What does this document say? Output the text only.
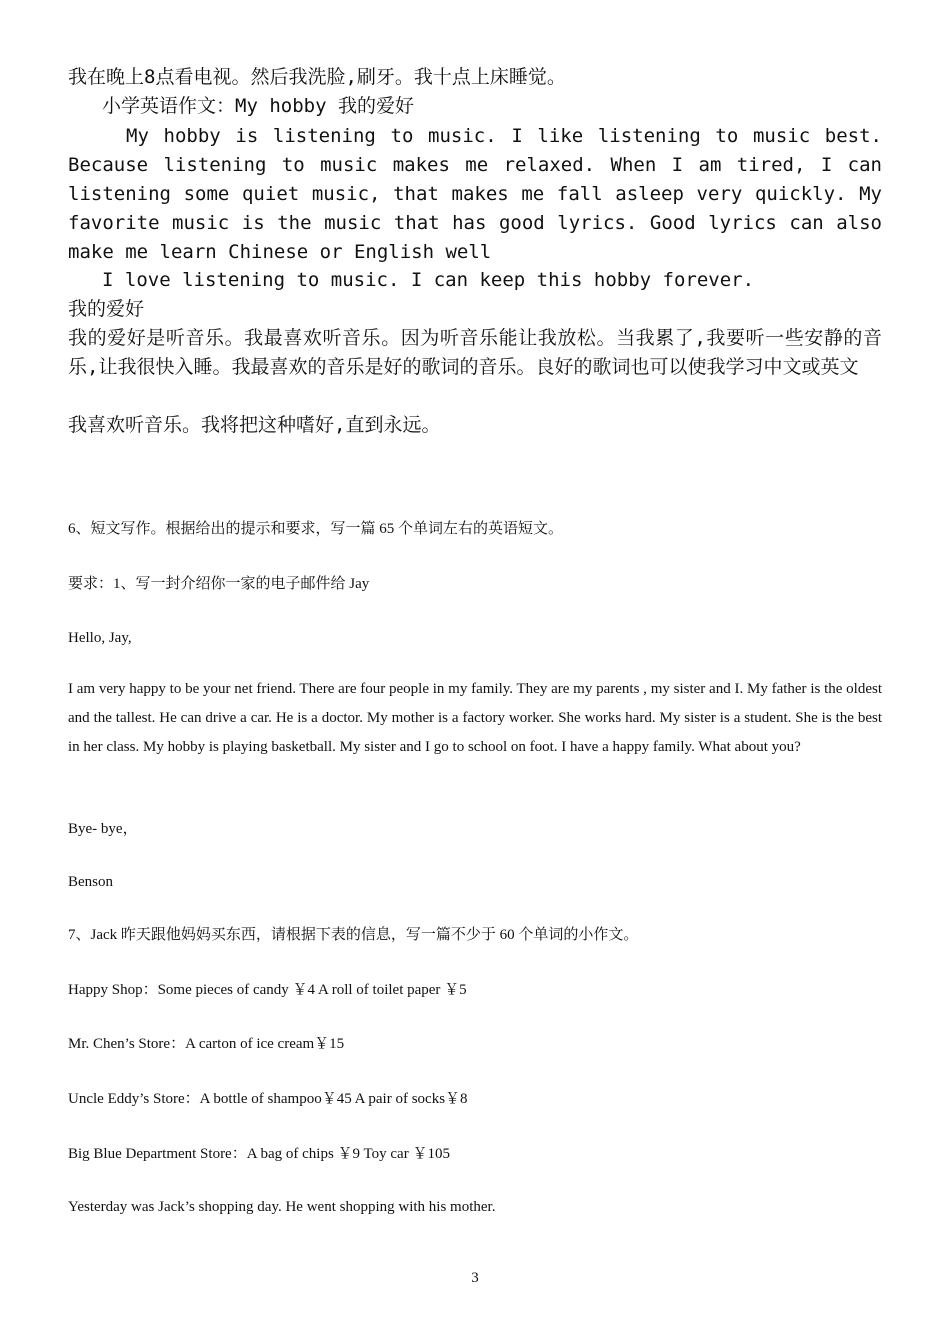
我在晚上8点看电视。然后我洗脸,刷牙。我十点上床睡觉。
小学英语作文：My hobby 我的爱好
My hobby is listening to music. I like listening to music best. Because listening to music makes me relaxed. When I am tired, I can listening some quiet music, that makes me fall asleep very quickly. My favorite music is the music that has good lyrics. Good lyrics can also make me learn Chinese or English well
I love listening to music. I can keep this hobby forever.
我的爱好
我的爱好是听音乐。我最喜欢听音乐。因为听音乐能让我放松。当我累了,我要听一些安静的音乐,让我很快入睡。我最喜欢的音乐是好的歌词的音乐。良好的歌词也可以使我学习中文或英文
我喜欢听音乐。我将把这种嗜好,直到永远。
6、短文写作。根据给出的提示和要求，写一篇 65 个单词左右的英语短文。
要求：1、写一封介绍你一家的电子邮件给 Jay
Hello, Jay,
I am very happy to be your net friend. There are four people in my family. They are my parents , my sister and I. My father is the oldest and the tallest. He can drive a car. He is a doctor. My mother is a factory worker. She works hard. My sister is a student. She is the best in her class. My hobby is playing basketball. My sister and I go to school on foot. I have a happy family. What about you?
Bye- bye，
Benson
7、Jack 昨天跟他妈妈买东西，请根据下表的信息，写一篇不少于 60 个单词的小作文。
Happy Shop：Some pieces of candy ￥4 A roll of toilet paper ￥5
Mr. Chen’s Store：A carton of ice cream￥15
Uncle Eddy’s Store：A bottle of shampoo￥45 A pair of socks￥8
Big Blue Department Store：A bag of chips ￥9 Toy car ￥105
Yesterday was Jack’s shopping day. He went shopping with his mother.
3
